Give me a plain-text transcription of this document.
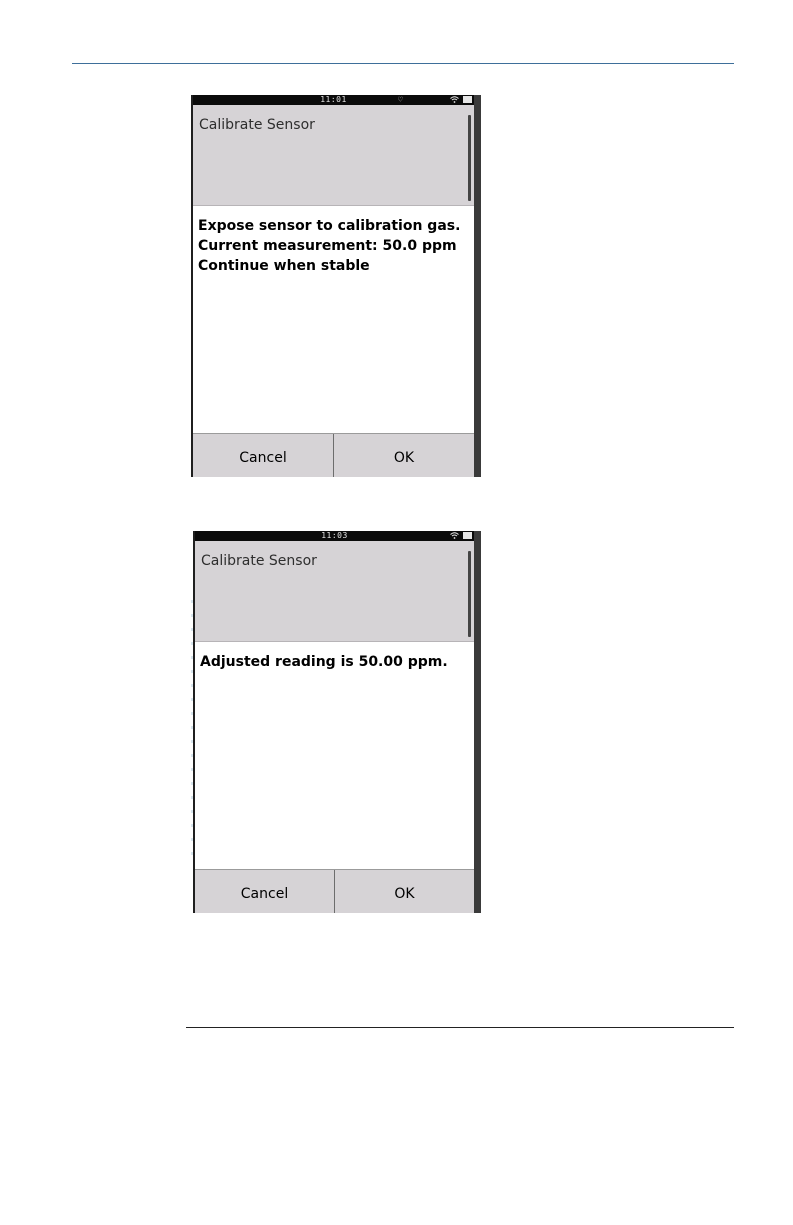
11:01	♡
Calibrate Sensor
Expose sensor to calibration gas.
Current measurement: 50.0 ppm
Continue when stable
Cancel	OK
11:03
Calibrate Sensor
Adjusted reading is 50.00 ppm.
Cancel	OK
